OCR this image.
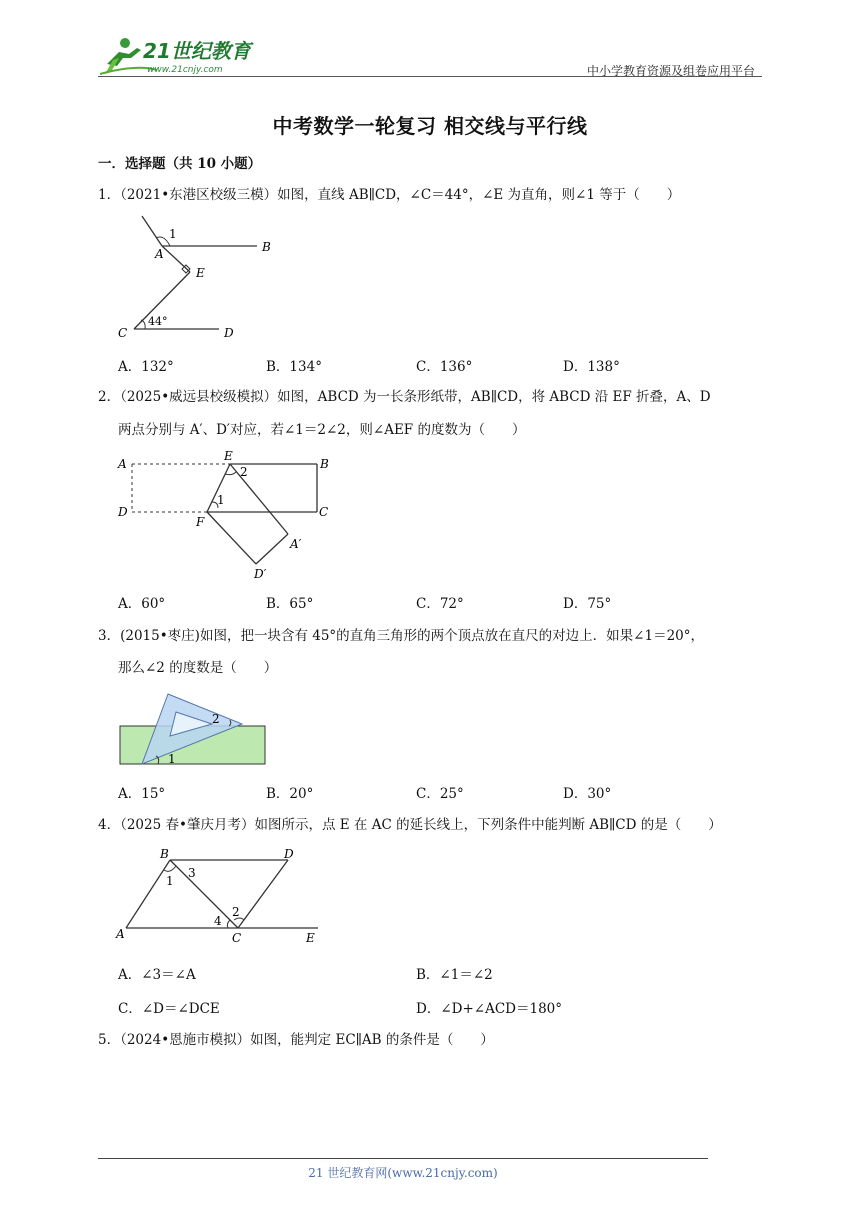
21世纪教育
www.21cnjy.com	中小学教育资源及组卷应用平台
中考数学一轮复习 相交线与平行线
一．选择题（共 10 小题）
1．（2021•东港区校级三模）如图，直线 AB∥CD，∠C＝44°，∠E 为直角，则∠1 等于（　　）
1
A	B
E
C
44°
D
A．132°	B．134°	C．136°	D．138°
2．（2025•威远县校级模拟）如图，ABCD 为一长条形纸带，AB∥CD，将 ABCD 沿 EF 折叠，A、D
两点分别与 A′、D′对应，若∠1＝2∠2，则∠AEF 的度数为（　　）
A
E
2
B
1
D
F
C
A′
D′
A．60°	B．65°	C．72°	D．75°
3．(2015•枣庄)如图，把一块含有 45°的直角三角形的两个顶点放在直尺的对边上．如果∠1＝20°，
那么∠2 的度数是（　　）
2
1
A．15°	B．20°	C．25°	D．30°
4．（2025 春•肇庆月考）如图所示，点 E 在 AC 的延长线上，下列条件中能判断 AB∥CD 的是（　　）
B	D
1
3
4
2
A	C	E
A．∠3＝∠A	B．∠1＝∠2
C．∠D＝∠DCE	D．∠D+∠ACD＝180°
5．（2024•恩施市模拟）如图，能判定 EC∥AB 的条件是（　　）
21 世纪教育网(www.21cnjy.com)
